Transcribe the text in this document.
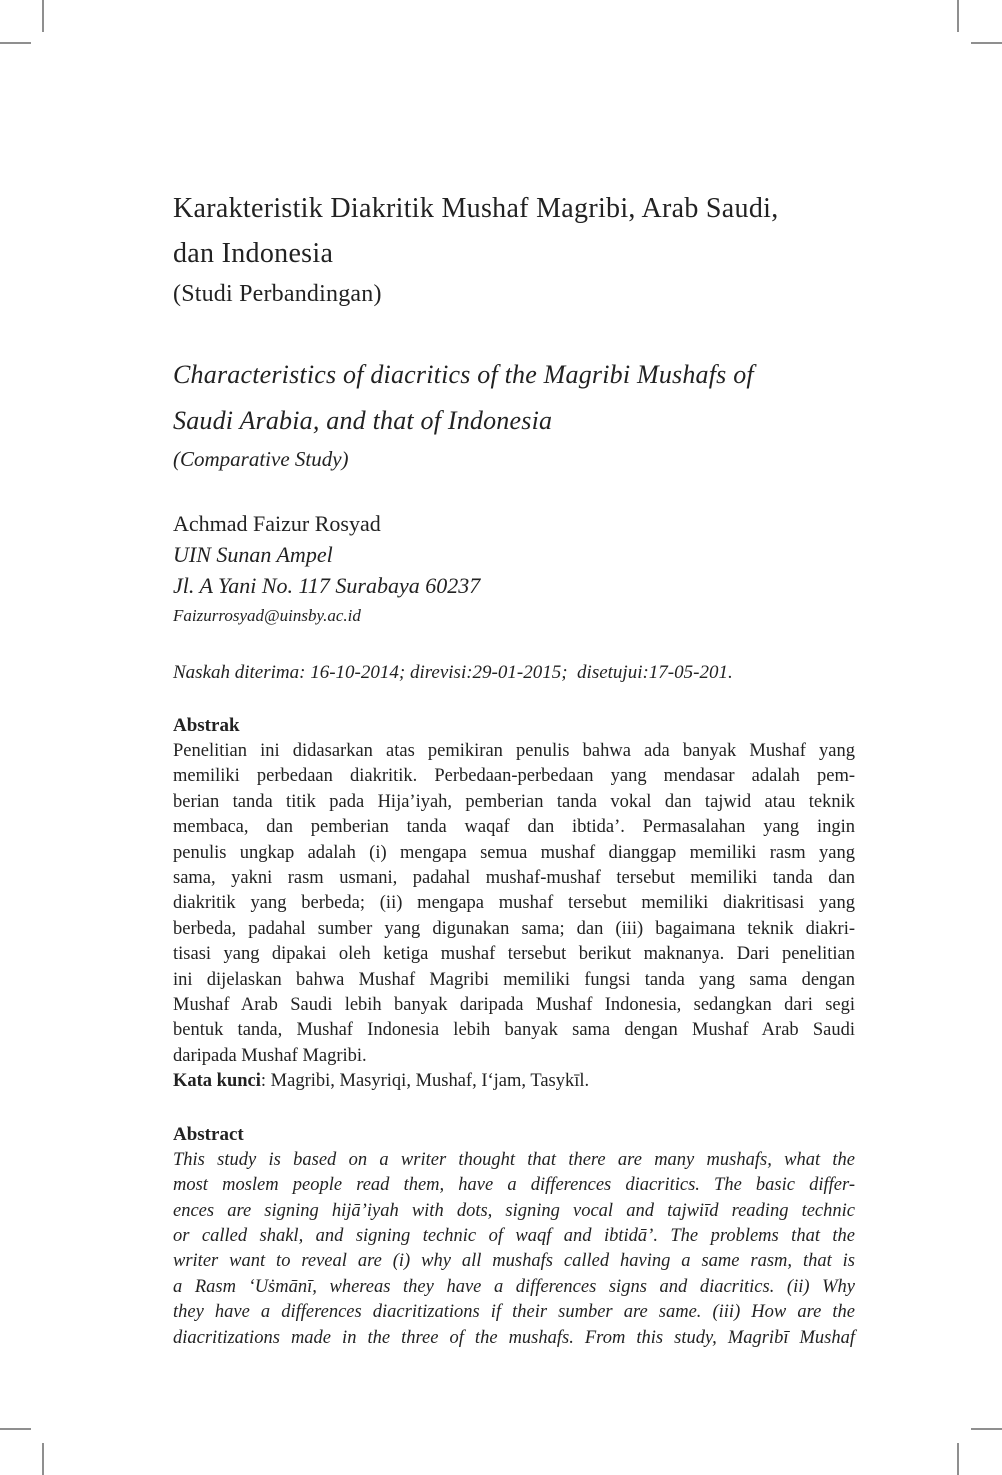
Karakteristik Diakritik Mushaf Magribi, Arab Saudi,
dan Indonesia
(Studi Perbandingan)
Characteristics of diacritics of the Magribi Mushafs of
Saudi Arabia, and that of Indonesia
(Comparative Study)
Achmad Faizur Rosyad
UIN Sunan Ampel
Jl. A Yani No. 117 Surabaya 60237
Faizurrosyad@uinsby.ac.id
Naskah diterima: 16-10-2014; direvisi:29-01-2015;  disetujui:17-05-201.
Abstrak
Penelitian ini didasarkan atas pemikiran penulis bahwa ada banyak Mushaf yang
memiliki perbedaan diakritik. Perbedaan-perbedaan yang mendasar adalah pem-
berian tanda titik pada Hija’iyah, pemberian tanda vokal dan tajwid atau teknik
membaca, dan pemberian tanda waqaf dan ibtida’. Permasalahan yang ingin
penulis ungkap adalah (i) mengapa semua mushaf dianggap memiliki rasm yang
sama, yakni rasm usmani, padahal mushaf-mushaf tersebut memiliki tanda dan
diakritik yang berbeda; (ii) mengapa mushaf tersebut memiliki diakritisasi yang
berbeda, padahal sumber yang digunakan sama; dan (iii) bagaimana teknik diakri-
tisasi yang dipakai oleh ketiga mushaf tersebut berikut maknanya. Dari penelitian
ini dijelaskan bahwa Mushaf Magribi memiliki fungsi tanda yang sama dengan
Mushaf Arab Saudi lebih banyak daripada Mushaf Indonesia, sedangkan dari segi
bentuk tanda, Mushaf Indonesia lebih banyak sama dengan Mushaf Arab Saudi
daripada Mushaf Magribi.
Kata kunci: Magribi, Masyriqi, Mushaf, Iʻjam, Tasykīl.
Abstract
This study is based on a writer thought that there are many mushafs, what the
most moslem people read them, have a differences diacritics. The basic differ-
ences are signing hijā’iyah with dots, signing vocal and tajwiīd reading technic
or called shakl, and signing technic of waqf and ibtidā’. The problems that the
writer want to reveal are (i) why all mushafs called having a same rasm, that is
a Rasm ʻUṡmānī, whereas they have a differences signs and diacritics. (ii) Why
they have a differences diacritizations if their sumber are same. (iii) How are the
diacritizations made in the three of the mushafs. From this study, Magribī Mushaf
